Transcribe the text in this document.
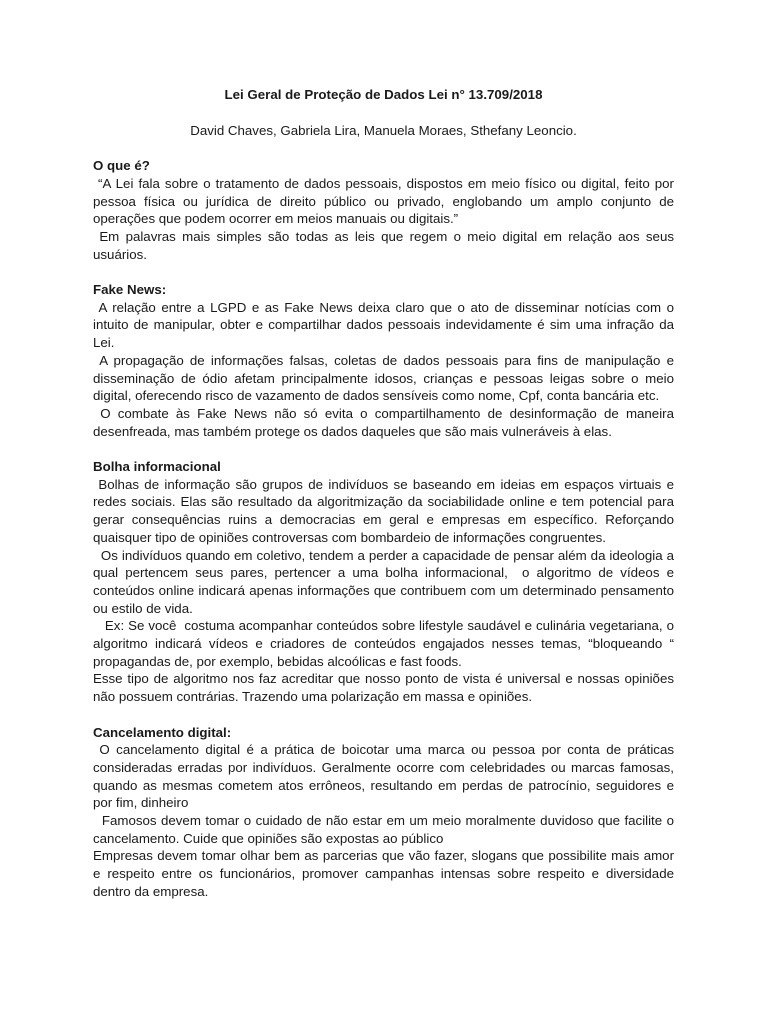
Lei Geral de Proteção de Dados Lei n° 13.709/2018

David Chaves, Gabriela Lira, Manuela Moraes, Sthefany Leoncio.

O que é?

“A Lei fala sobre o tratamento de dados pessoais, dispostos em meio físico ou digital, feito por pessoa física ou jurídica de direito público ou privado, englobando um amplo conjunto de operações que podem ocorrer em meios manuais ou digitais.”

Em palavras mais simples são todas as leis que regem o meio digital em relação aos seus usuários.

Fake News:

A relação entre a LGPD e as Fake News deixa claro que o ato de disseminar notícias com o intuito de manipular, obter e compartilhar dados pessoais indevidamente é sim uma infração da Lei.

A propagação de informações falsas, coletas de dados pessoais para fins de manipulação e disseminação de ódio afetam principalmente idosos, crianças e pessoas leigas sobre o meio digital, oferecendo risco de vazamento de dados sensíveis como nome, Cpf, conta bancária etc.

O combate às Fake News não só evita o compartilhamento de desinformação de maneira desenfreada, mas também protege os dados daqueles que são mais vulneráveis à elas.

Bolha informacional

Bolhas de informação são grupos de indivíduos se baseando em ideias em espaços virtuais e redes sociais. Elas são resultado da algoritmização da sociabilidade online e tem potencial para gerar consequências ruins a democracias em geral e empresas em específico. Reforçando quaisquer tipo de opiniões controversas com bombardeio de informações congruentes.

Os indivíduos quando em coletivo, tendem a perder a capacidade de pensar além da ideologia a qual pertencem seus pares, pertencer a uma bolha informacional,  o algoritmo de vídeos e conteúdos online indicará apenas informações que contribuem com um determinado pensamento ou estilo de vida.

Ex: Se você  costuma acompanhar conteúdos sobre lifestyle saudável e culinária vegetariana, o algoritmo indicará vídeos e criadores de conteúdos engajados nesses temas, “bloqueando “ propagandas de, por exemplo, bebidas alcoólicas e fast foods.

Esse tipo de algoritmo nos faz acreditar que nosso ponto de vista é universal e nossas opiniões não possuem contrárias. Trazendo uma polarização em massa e opiniões.

Cancelamento digital:

O cancelamento digital é a prática de boicotar uma marca ou pessoa por conta de práticas consideradas erradas por indivíduos. Geralmente ocorre com celebridades ou marcas famosas, quando as mesmas cometem atos errôneos, resultando em perdas de patrocínio, seguidores e por fim, dinheiro

Famosos devem tomar o cuidado de não estar em um meio moralmente duvidoso que facilite o cancelamento. Cuide que opiniões são expostas ao público

Empresas devem tomar olhar bem as parcerias que vão fazer, slogans que possibilite mais amor e respeito entre os funcionários, promover campanhas intensas sobre respeito e diversidade dentro da empresa.
